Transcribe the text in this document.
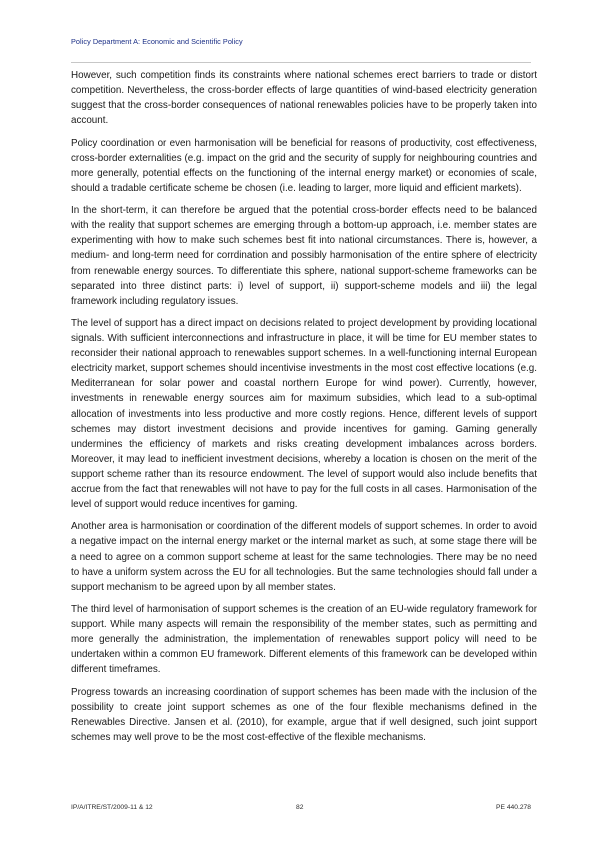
Policy Department A: Economic and Scientific Policy

However, such competition finds its constraints where national schemes erect barriers to trade or distort competition. Nevertheless, the cross-border effects of large quantities of wind-based electricity generation suggest that the cross-border consequences of national renewables policies have to be properly taken into account.

Policy coordination or even harmonisation will be beneficial for reasons of productivity, cost effectiveness, cross-border externalities (e.g. impact on the grid and the security of supply for neighbouring countries and more generally, potential effects on the functioning of the internal energy market) or economies of scale, should a tradable certificate scheme be chosen (i.e. leading to larger, more liquid and efficient markets).

In the short-term, it can therefore be argued that the potential cross-border effects need to be balanced with the reality that support schemes are emerging through a bottom-up approach, i.e. member states are experimenting with how to make such schemes best fit into national circumstances. There is, however, a medium- and long-term need for corrdination and possibly harmonisation of the entire sphere of electricity from renewable energy sources. To differentiate this sphere, national support-scheme frameworks can be separated into three distinct parts: i) level of support, ii) support-scheme models and iii) the legal framework including regulatory issues.

The level of support has a direct impact on decisions related to project development by providing locational signals. With sufficient interconnections and infrastructure in place, it will be time for EU member states to reconsider their national approach to renewables support schemes. In a well-functioning internal European electricity market, support schemes should incentivise investments in the most cost effective locations (e.g. Mediterranean for solar power and coastal northern Europe for wind power). Currently, however, investments in renewable energy sources aim for maximum subsidies, which lead to a sub-optimal allocation of investments into less productive and more costly regions. Hence, different levels of support schemes may distort investment decisions and provide incentives for gaming. Gaming generally undermines the efficiency of markets and risks creating development imbalances across borders. Moreover, it may lead to inefficient investment decisions, whereby a location is chosen on the merit of the support scheme rather than its resource endowment. The level of support would also include benefits that accrue from the fact that renewables will not have to pay for the full costs in all cases. Harmonisation of the level of support would reduce incentives for gaming.

Another area is harmonisation or coordination of the different models of support schemes. In order to avoid a negative impact on the internal energy market or the internal market as such, at some stage there will be a need to agree on a common support scheme at least for the same technologies. There may be no need to have a uniform system across the EU for all technologies. But the same technologies should fall under a support mechanism to be agreed upon by all member states.

The third level of harmonisation of support schemes is the creation of an EU-wide regulatory framework for support. While many aspects will remain the responsibility of the member states, such as permitting and more generally the administration, the implementation of renewables support policy will need to be undertaken within a common EU framework. Different elements of this framework can be developed within different timeframes.

Progress towards an increasing coordination of support schemes has been made with the inclusion of the possibility to create joint support schemes as one of the four flexible mechanisms defined in the Renewables Directive. Jansen et al. (2010), for example, argue that if well designed, such joint support schemes may well prove to be the most cost-effective of the flexible mechanisms.

IP/A/ITRE/ST/2009-11 & 12	82	PE 440.278
